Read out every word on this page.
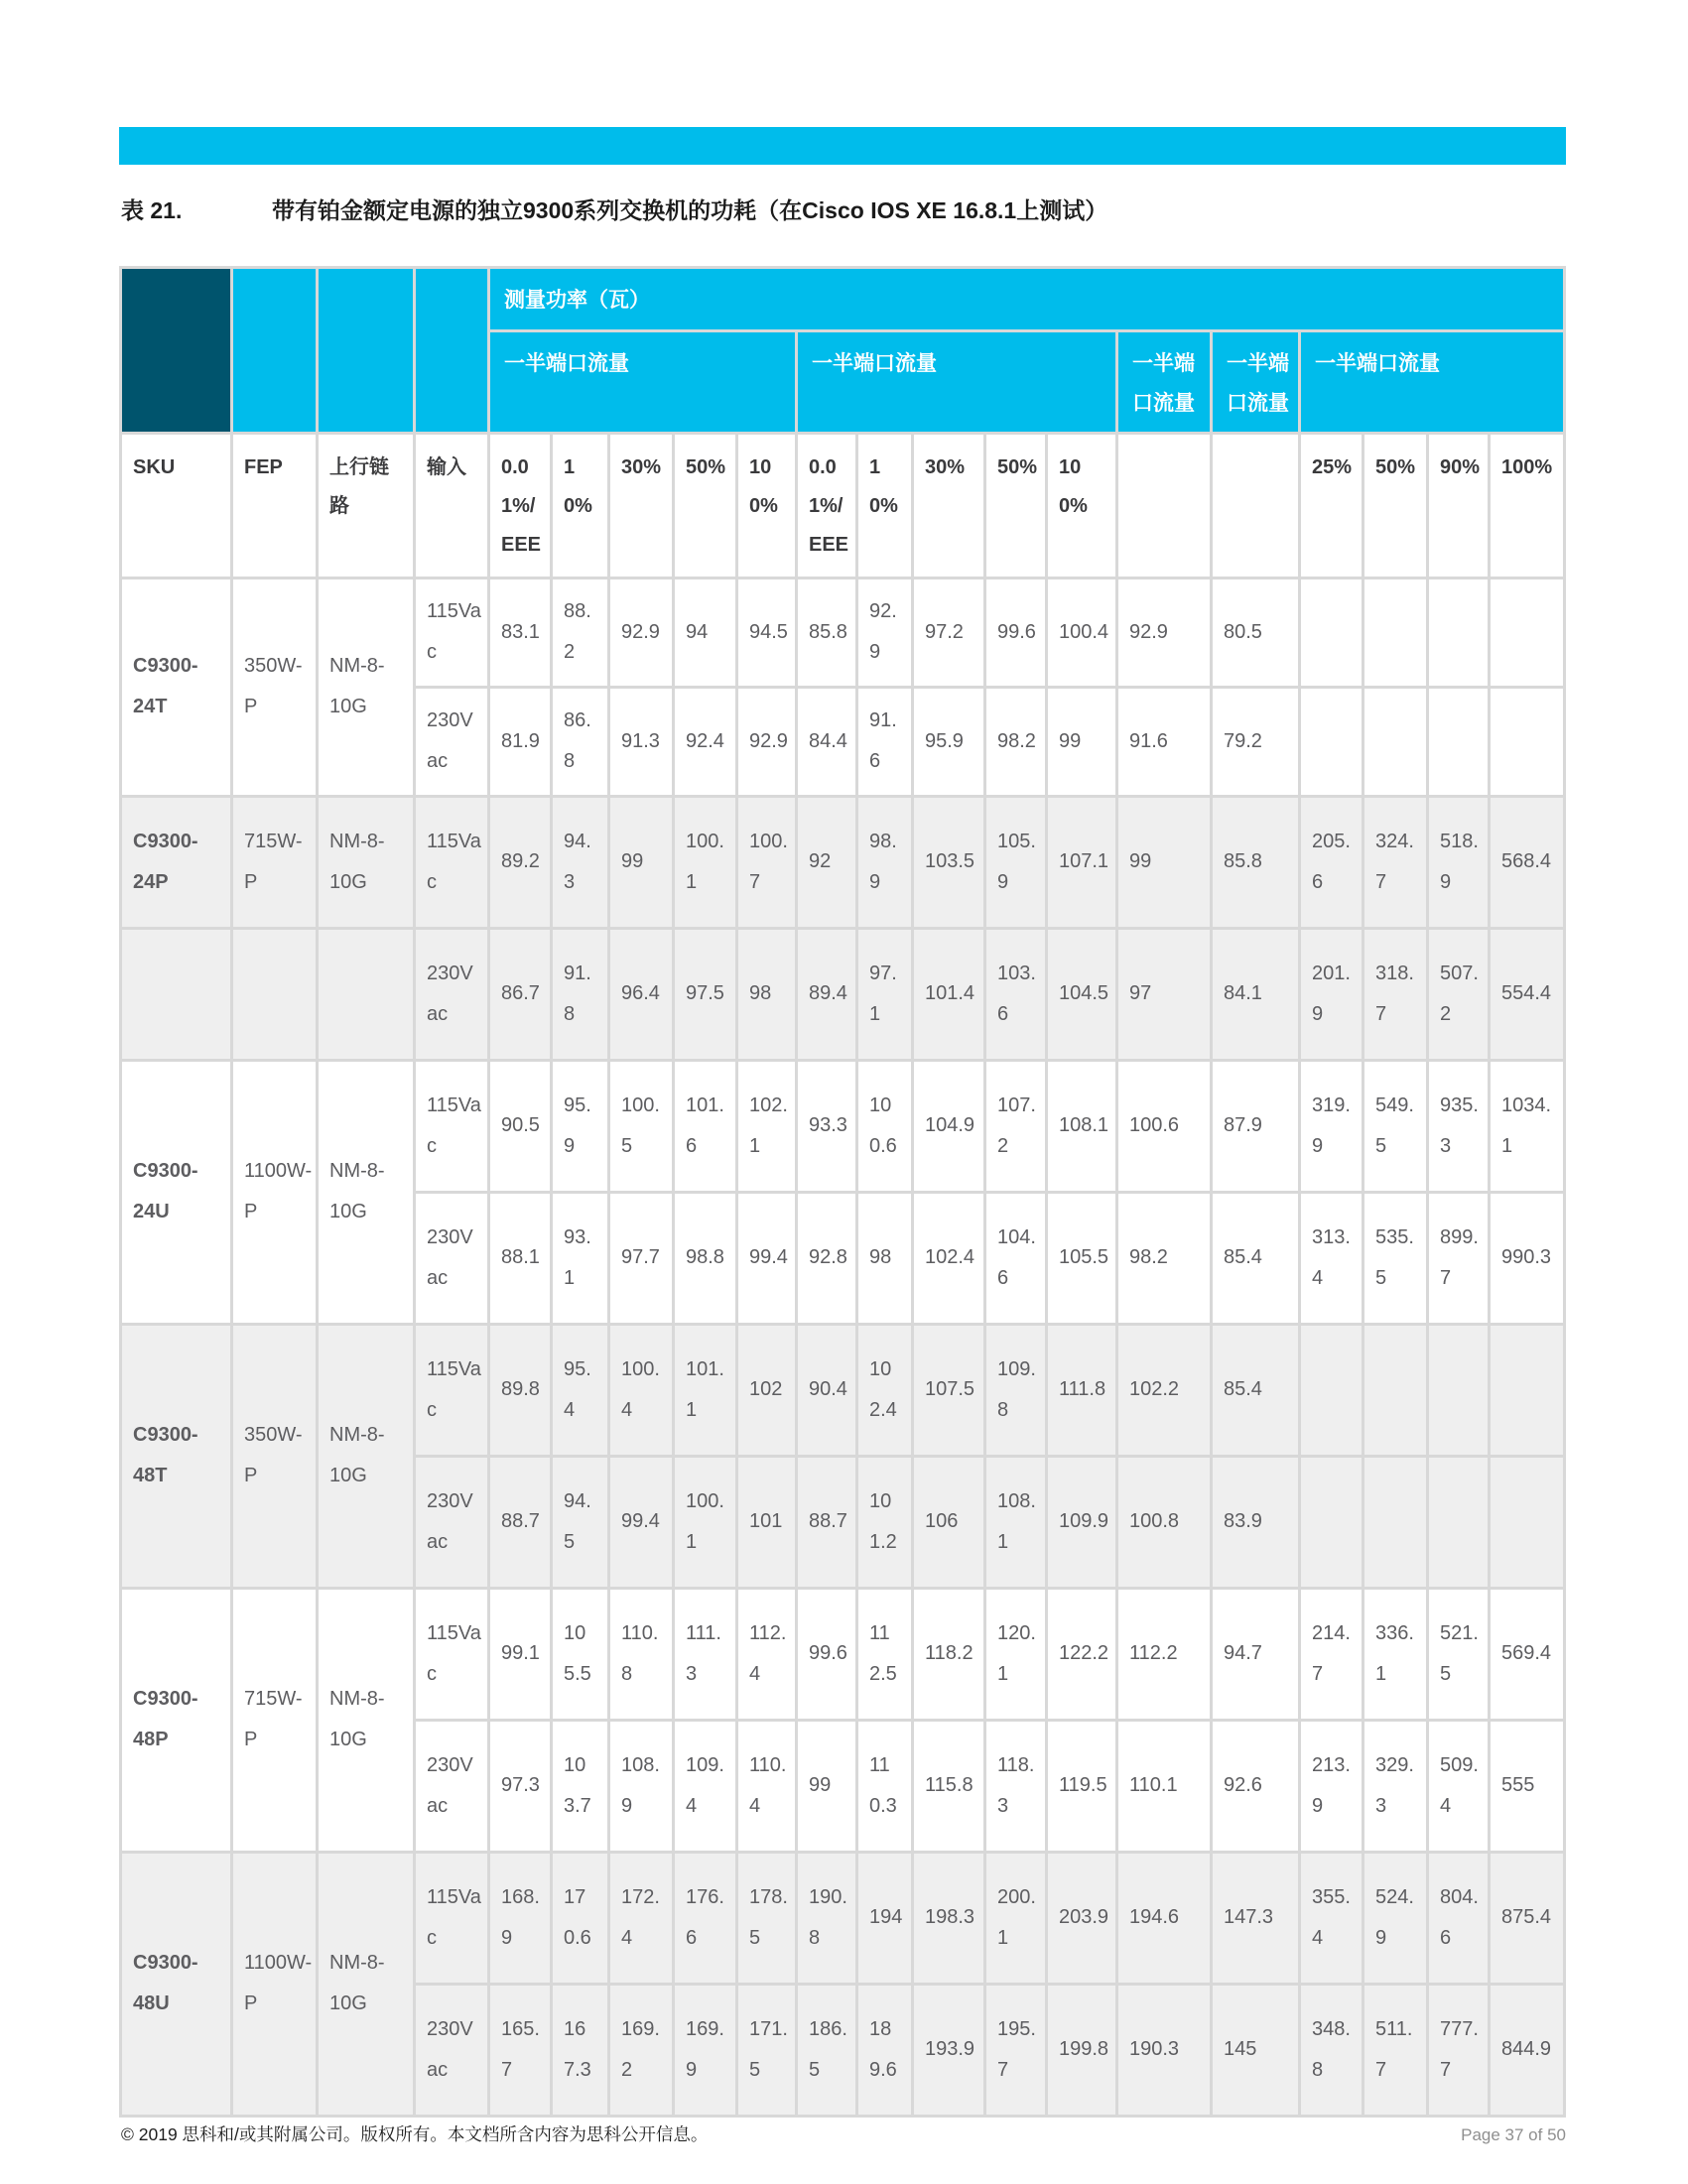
表 21.	带有铂金额定电源的独立9300系列交换机的功耗（在Cisco IOS XE 16.8.1上测试）
				测量功率（瓦）															
				一半端口流量					一半端口流量					一半端口流量	一半端口流量	一半端口流量			
SKU	FEP	上行链路	输入	0.01%/EEE	10%	30%	50%	100%	0.01%/EEE	10%	30%	50%	100%			25%	50%	90%	100%
C9300-24T	350W-P	NM-8-10G	115Vac	83.1	88.2	92.9	94	94.5	85.8	92.9	97.2	99.6	100.4	92.9	80.5				
			230Vac	81.9	86.8	91.3	92.4	92.9	84.4	91.6	95.9	98.2	99	91.6	79.2				
C9300-24P	715W-P	NM-8-10G	115Vac	89.2	94.3	99	100.1	100.7	92	98.9	103.5	105.9	107.1	99	85.8	205.6	324.7	518.9	568.4
			230Vac	86.7	91.8	96.4	97.5	98	89.4	97.1	101.4	103.6	104.5	97	84.1	201.9	318.7	507.2	554.4
C9300-24U	1100W-P	NM-8-10G	115Vac	90.5	95.9	100.5	101.6	102.1	93.3	100.6	104.9	107.2	108.1	100.6	87.9	319.9	549.5	935.3	1034.1
			230Vac	88.1	93.1	97.7	98.8	99.4	92.8	98	102.4	104.6	105.5	98.2	85.4	313.4	535.5	899.7	990.3
C9300-48T	350W-P	NM-8-10G	115Vac	89.8	95.4	100.4	101.1	102	90.4	102.4	107.5	109.8	111.8	102.2	85.4				
			230Vac	88.7	94.5	99.4	100.1	101	88.7	101.2	106	108.1	109.9	100.8	83.9				
C9300-48P	715W-P	NM-8-10G	115Vac	99.1	105.5	110.8	111.3	112.4	99.6	112.5	118.2	120.1	122.2	112.2	94.7	214.7	336.1	521.5	569.4
			230Vac	97.3	103.7	108.9	109.4	110.4	99	110.3	115.8	118.3	119.5	110.1	92.6	213.9	329.3	509.4	555
C9300-48U	1100W-P	NM-8-10G	115Vac	168.9	170.6	172.4	176.6	178.5	190.8	194	198.3	200.1	203.9	194.6	147.3	355.4	524.9	804.6	875.4
			230Vac	165.7	167.3	169.2	169.9	171.5	186.5	189.6	193.9	195.7	199.8	190.3	145	348.8	511.7	777.7	844.9
© 2019 思科和/或其附属公司。版权所有。本文档所含内容为思科公开信息。	Page 37 of 50
